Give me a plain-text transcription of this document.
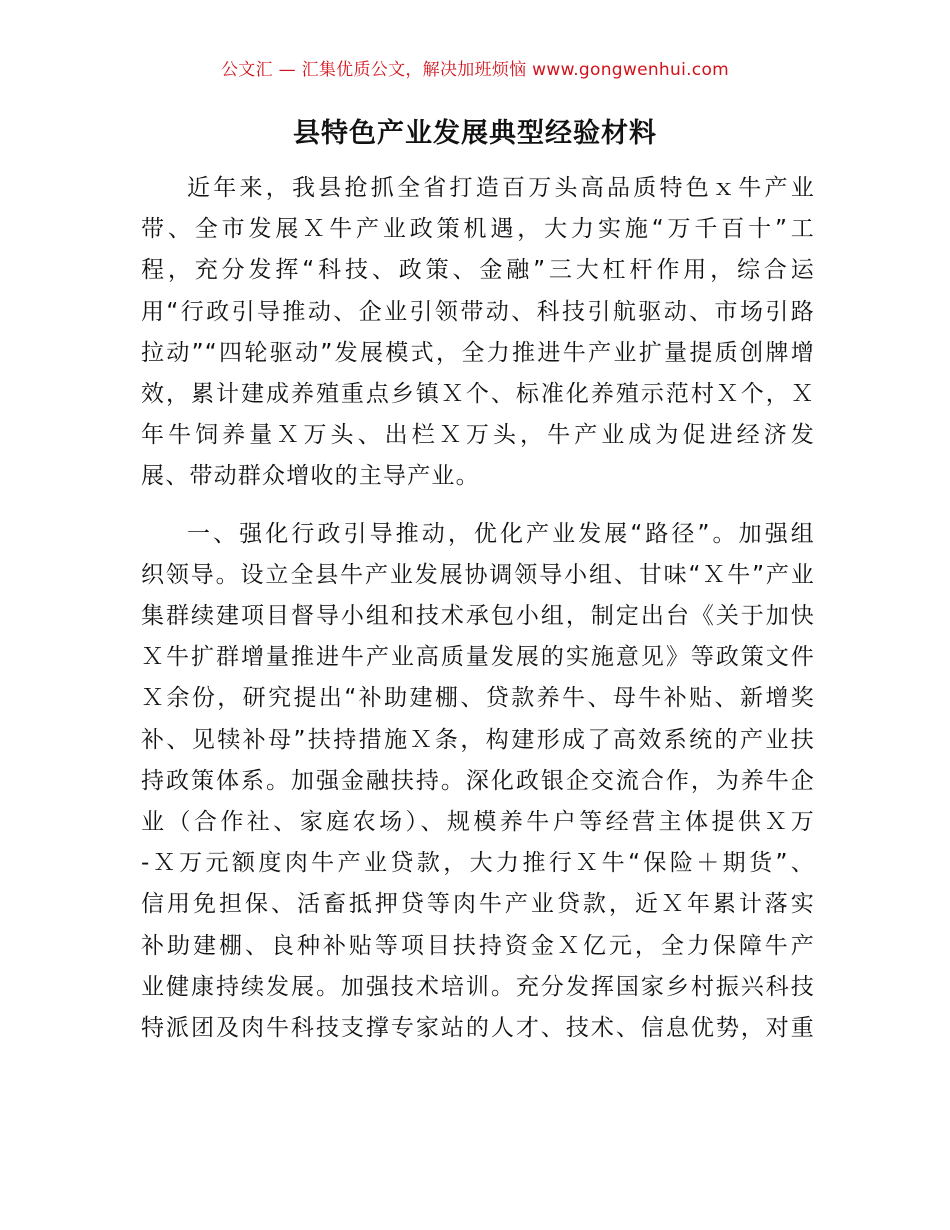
公文汇 — 汇集优质公文，解决加班烦恼 www.gongwenhui.com
县特色产业发展典型经验材料

近年来，我县抢抓全省打造百万头高品质特色ｘ牛产业
带、全市发展Ｘ牛产业政策机遇，大力实施“万千百十”工
程，充分发挥“科技、政策、金融”三大杠杆作用，综合运
用“行政引导推动、企业引领带动、科技引航驱动、市场引路
拉动”“四轮驱动”发展模式，全力推进牛产业扩量提质创牌增
效，累计建成养殖重点乡镇Ｘ个、标准化养殖示范村Ｘ个，Ｘ
年牛饲养量Ｘ万头、出栏Ｘ万头，牛产业成为促进经济发
展、带动群众增收的主导产业。

一、强化行政引导推动，优化产业发展“路径”。加强组
织领导。设立全县牛产业发展协调领导小组、甘味“Ｘ牛”产业
集群续建项目督导小组和技术承包小组，制定出台《关于加快
Ｘ牛扩群增量推进牛产业高质量发展的实施意见》等政策文件
Ｘ余份，研究提出“补助建棚、贷款养牛、母牛补贴、新增奖
补、见犊补母”扶持措施Ｘ条，构建形成了高效系统的产业扶
持政策体系。加强金融扶持。深化政银企交流合作，为养牛企
业（合作社、家庭农场）、规模养牛户等经营主体提供Ｘ万
-Ｘ万元额度肉牛产业贷款，大力推行Ｘ牛“保险＋期货”、
信用免担保、活畜抵押贷等肉牛产业贷款，近Ｘ年累计落实
补助建棚、良种补贴等项目扶持资金Ｘ亿元，全力保障牛产
业健康持续发展。加强技术培训。充分发挥国家乡村振兴科技
特派团及肉牛科技支撑专家站的人才、技术、信息优势，对重
